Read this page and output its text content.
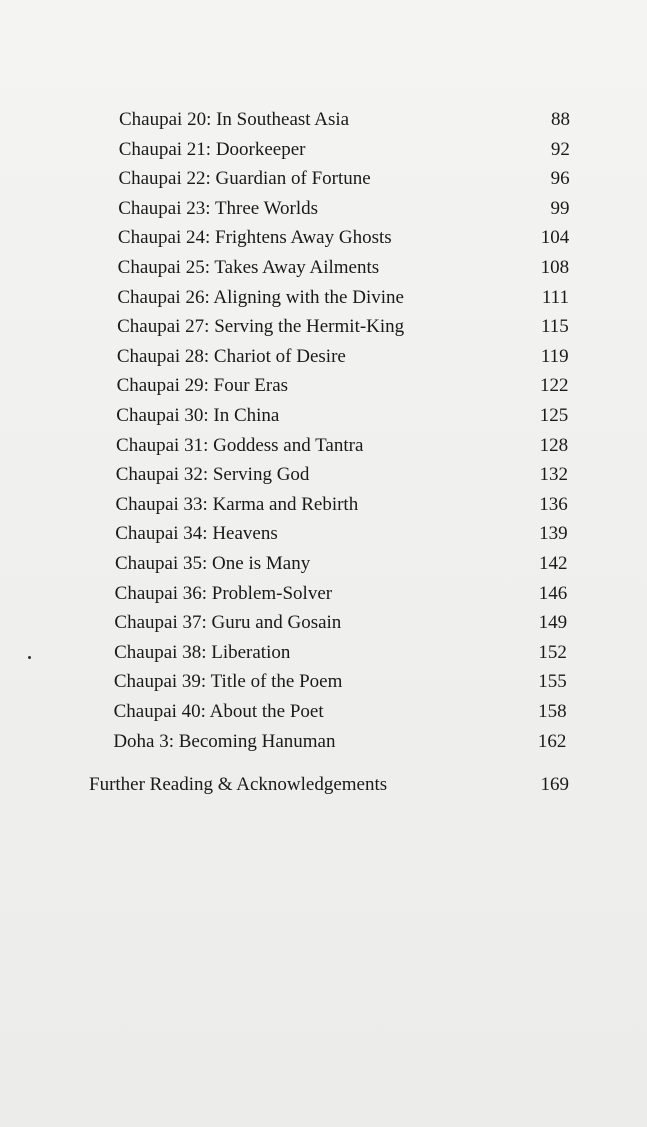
Chaupai 20: In Southeast Asia	88
Chaupai 21: Doorkeeper	92
Chaupai 22: Guardian of Fortune	96
Chaupai 23: Three Worlds	99
Chaupai 24: Frightens Away Ghosts	104
Chaupai 25: Takes Away Ailments	108
Chaupai 26: Aligning with the Divine	111
Chaupai 27: Serving the Hermit-King	115
Chaupai 28: Chariot of Desire	119
Chaupai 29: Four Eras	122
Chaupai 30: In China	125
Chaupai 31: Goddess and Tantra	128
Chaupai 32: Serving God	132
Chaupai 33: Karma and Rebirth	136
Chaupai 34: Heavens	139
Chaupai 35: One is Many	142
Chaupai 36: Problem-Solver	146
Chaupai 37: Guru and Gosain	149
Chaupai 38: Liberation	152
Chaupai 39: Title of the Poem	155
Chaupai 40: About the Poet	158
Doha 3: Becoming Hanuman	162
Further Reading & Acknowledgements	169
